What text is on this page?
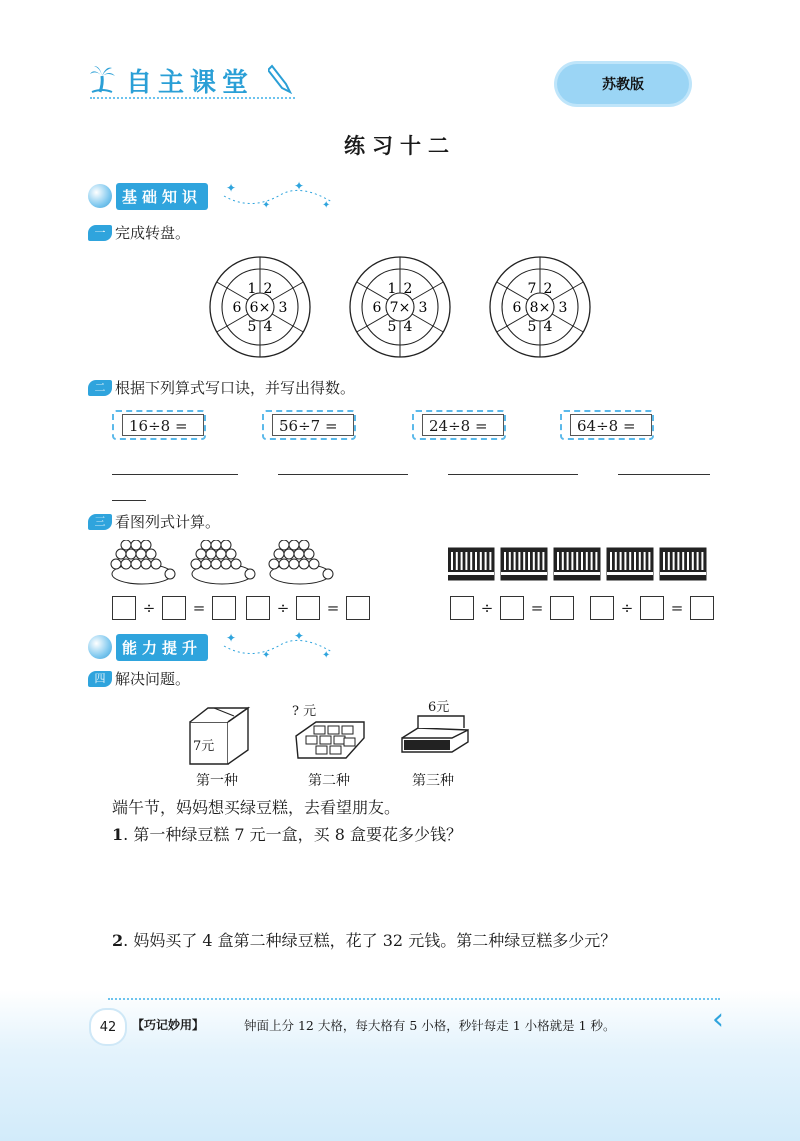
自主课堂	苏教版
练习十二
基础知识	✦
✦
✦
✦
一 完成转盘。
1 2
3
4
5
6 6×
1 2
3
4
5
6 7×
7 2
3
4
5
6 8×
二 根据下列算式写口诀，并写出得数。
16÷8 =	56÷7 =	24÷8 =	64÷8 =
三 看图列式计算。
÷ =	÷ =	÷ =	÷ =
能力提升
✦
✦
✦
✦
四 解决问题。
7元
? 元	6元
第一种	第二种	第三种
端午节，妈妈想买绿豆糕，去看望朋友。
1. 第一种绿豆糕 7 元一盒，买 8 盒要花多少钱？
2. 妈妈买了 4 盒第二种绿豆糕，花了 32 元钱。第二种绿豆糕多少元？
42	【巧记妙用】	钟面上分 12 大格，每大格有 5 小格，秒针每走 1 小格就是 1 秒。	‹
